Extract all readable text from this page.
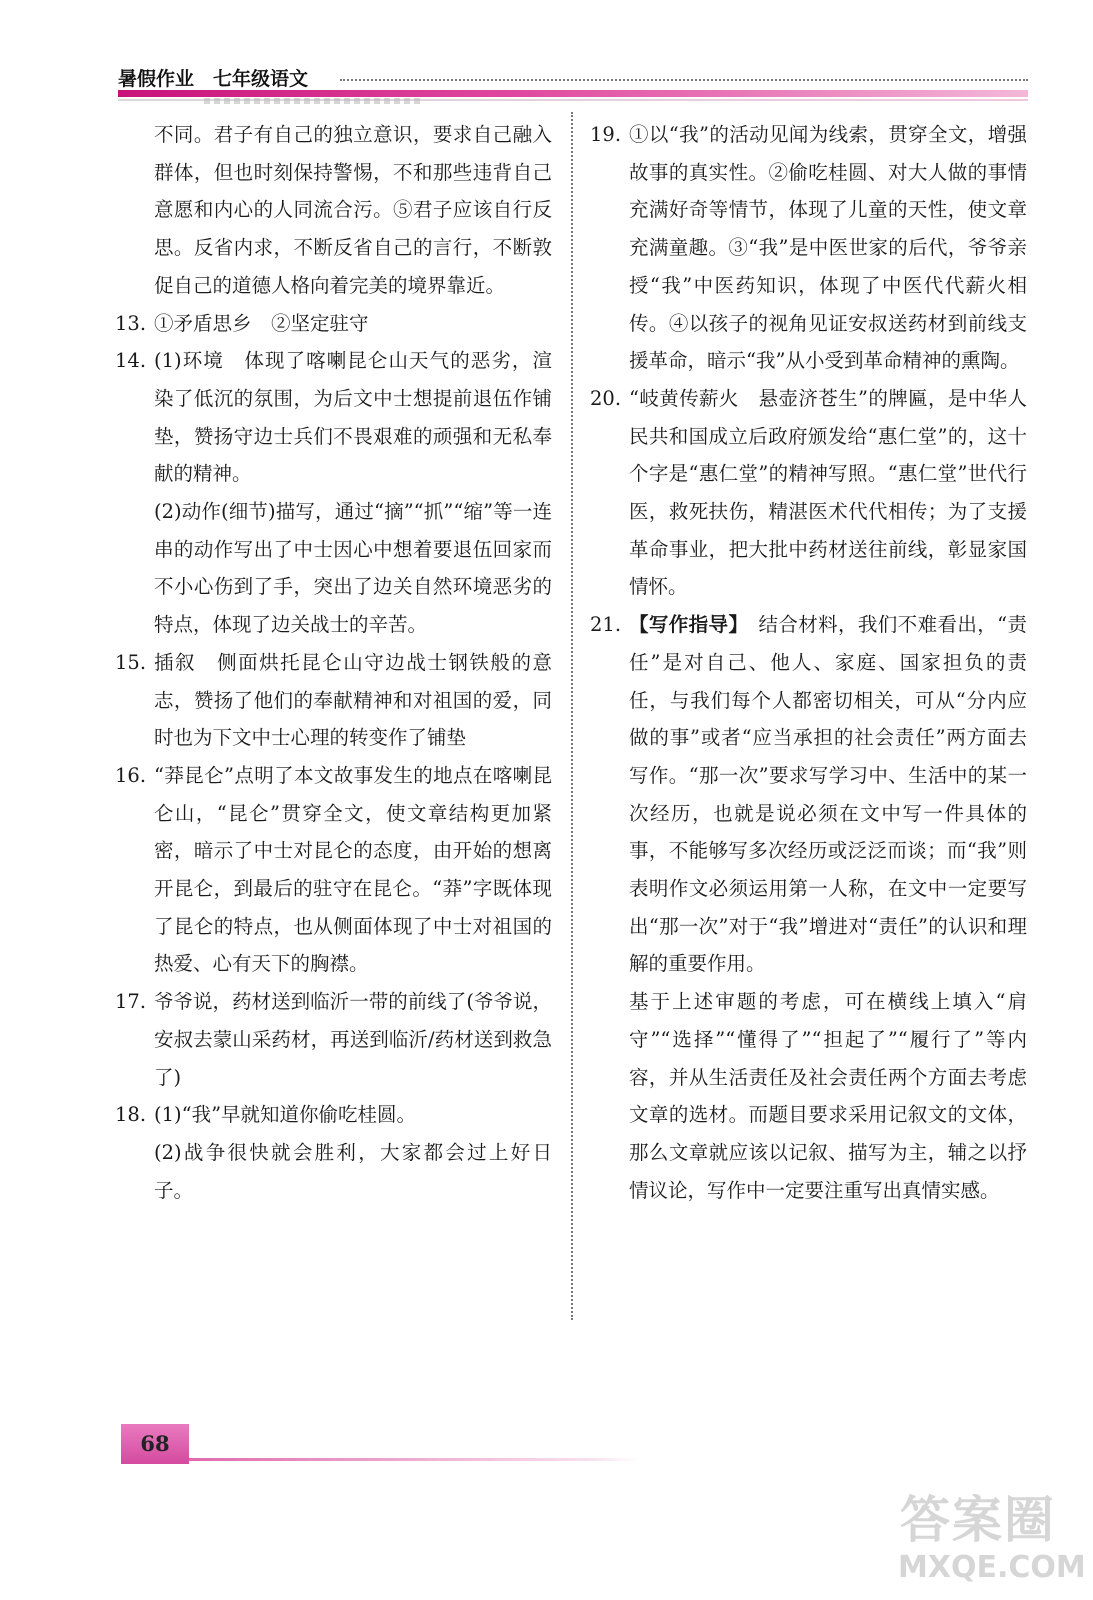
暑假作业　七年级语文
不同。君子有自己的独立意识，要求自己融入群体，但也时刻保持警惕，不和那些违背自己意愿和内心的人同流合污。⑤君子应该自行反思。反省内求，不断反省自己的言行，不断敦促自己的道德人格向着完美的境界靠近。
13. ①矛盾思乡　②坚定驻守
14. (1)环境　体现了喀喇昆仑山天气的恶劣，渲染了低沉的氛围，为后文中士想提前退伍作铺垫，赞扬守边士兵们不畏艰难的顽强和无私奉献的精神。
(2)动作(细节)描写，通过“摘”“抓”“缩”等一连串的动作写出了中士因心中想着要退伍回家而不小心伤到了手，突出了边关自然环境恶劣的特点，体现了边关战士的辛苦。
15. 插叙　侧面烘托昆仑山守边战士钢铁般的意志，赞扬了他们的奉献精神和对祖国的爱，同时也为下文中士心理的转变作了铺垫
16. “莽昆仑”点明了本文故事发生的地点在喀喇昆仑山，“昆仑”贯穿全文，使文章结构更加紧密，暗示了中士对昆仑的态度，由开始的想离开昆仑，到最后的驻守在昆仑。“莽”字既体现了昆仑的特点，也从侧面体现了中士对祖国的热爱、心有天下的胸襟。
17. 爷爷说，药材送到临沂一带的前线了(爷爷说，安叔去蒙山采药材，再送到临沂/药材送到救急了)
18. (1)“我”早就知道你偷吃桂圆。
(2)战争很快就会胜利，大家都会过上好日子。
19. ①以“我”的活动见闻为线索，贯穿全文，增强故事的真实性。②偷吃桂圆、对大人做的事情充满好奇等情节，体现了儿童的天性，使文章充满童趣。③“我”是中医世家的后代，爷爷亲授“我”中医药知识，体现了中医代代薪火相传。④以孩子的视角见证安叔送药材到前线支援革命，暗示“我”从小受到革命精神的熏陶。
20. “岐黄传薪火　悬壶济苍生”的牌匾，是中华人民共和国成立后政府颁发给“惠仁堂”的，这十个字是“惠仁堂”的精神写照。“惠仁堂”世代行医，救死扶伤，精湛医术代代相传；为了支援革命事业，把大批中药材送往前线，彰显家国情怀。
21. 【写作指导】　结合材料，我们不难看出，“责任”是对自己、他人、家庭、国家担负的责任，与我们每个人都密切相关，可从“分内应做的事”或者“应当承担的社会责任”两方面去写作。“那一次”要求写学习中、生活中的某一次经历，也就是说必须在文中写一件具体的事，不能够写多次经历或泛泛而谈；而“我”则表明作文必须运用第一人称，在文中一定要写出“那一次”对于“我”增进对“责任”的认识和理解的重要作用。
基于上述审题的考虑，可在横线上填入“肩守”“选择”“懂得了”“担起了”“履行了”等内容，并从生活责任及社会责任两个方面去考虑文章的选材。而题目要求采用记叙文的文体，那么文章就应该以记叙、描写为主，辅之以抒情议论，写作中一定要注重写出真情实感。
68
答案圈
MXQE.COM
